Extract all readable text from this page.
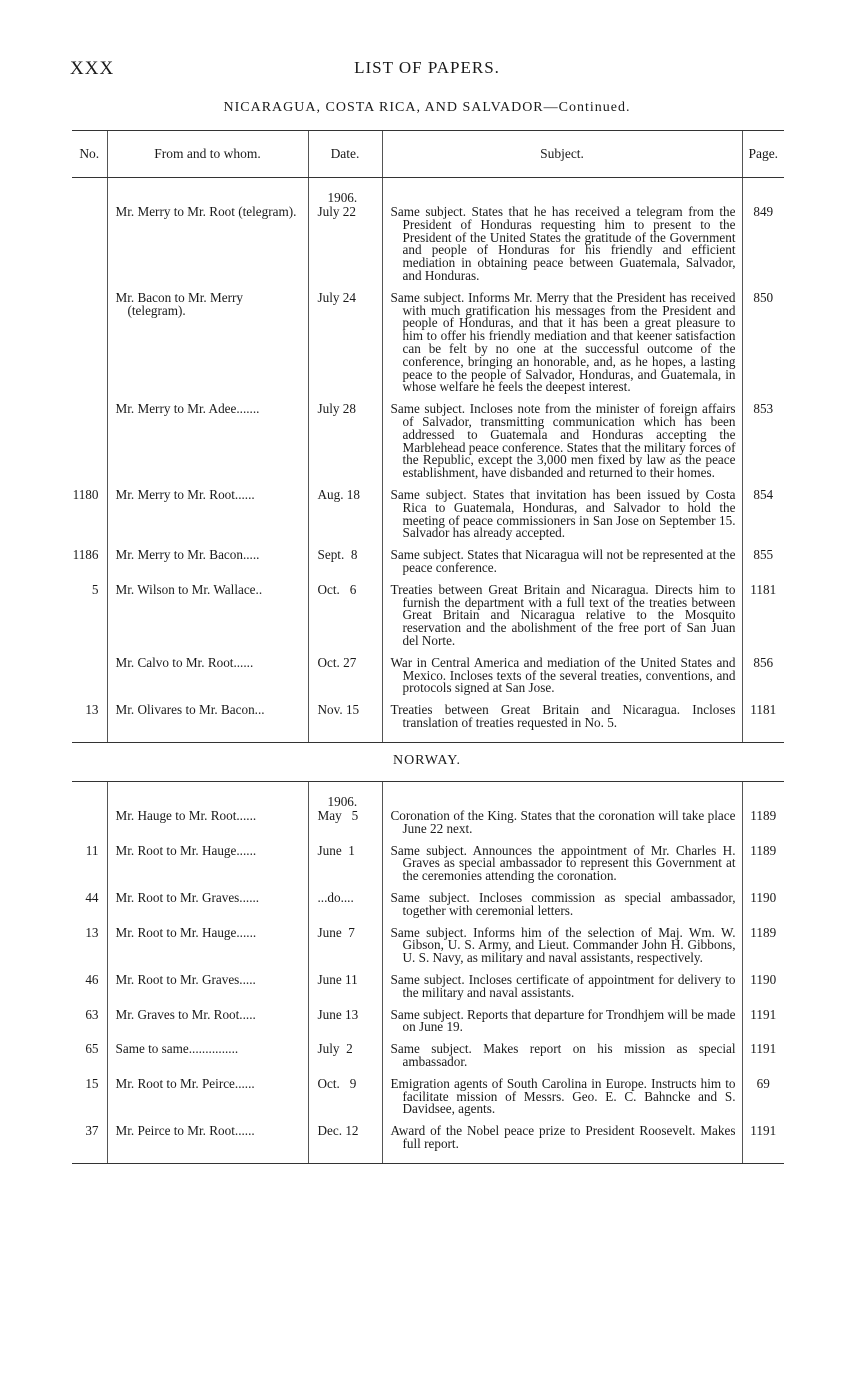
XXX	LIST OF PAPERS.
NICARAGUA, COSTA RICA, AND SALVADOR—Continued.
No.	From and to whom.	Date.	Subject.	Page.

		1906.		

	Mr. Merry to Mr. Root (telegram).	July 22	Same subject. States that he has received a telegram from the President of Honduras requesting him to present to the President of the United States the gratitude of the Government and people of Honduras for his friendly and efficient mediation in obtaining peace between Guatemala, Salvador, and Honduras.	849

	Mr. Bacon to Mr. Merry (telegram).	July 24	Same subject. Informs Mr. Merry that the President has received with much gratification his messages from the President and people of Honduras, and that it has been a great pleasure to him to offer his friendly mediation and that keener satisfaction can be felt by no one at the successful outcome of the conference, bringing an honorable, and, as he hopes, a lasting peace to the people of Salvador, Honduras, and Guatemala, in whose welfare he feels the deepest interest.	850

	Mr. Merry to Mr. Adee.......	July 28	Same subject. Incloses note from the minister of foreign affairs of Salvador, transmitting communication which has been addressed to Guatemala and Honduras accepting the Marblehead peace conference. States that the military forces of the Republic, except the 3,000 men fixed by law as the peace establishment, have disbanded and returned to their homes.	853

1180	Mr. Merry to Mr. Root......	Aug. 18	Same subject. States that invitation has been issued by Costa Rica to Guatemala, Honduras, and Salvador to hold the meeting of peace commissioners in San Jose on September 15. Salvador has already accepted.	854

1186	Mr. Merry to Mr. Bacon.....	Sept.  8	Same subject. States that Nicaragua will not be represented at the peace conference.	855

5	Mr. Wilson to Mr. Wallace..	Oct.   6	Treaties between Great Britain and Nicaragua. Directs him to furnish the department with a full text of the treaties between Great Britain and Nicaragua relative to the Mosquito reservation and the abolishment of the free port of San Juan del Norte.	1181

	Mr. Calvo to Mr. Root......	Oct. 27	War in Central America and mediation of the United States and Mexico. Incloses texts of the several treaties, conventions, and protocols signed at San Jose.	856

13	Mr. Olivares to Mr. Bacon...	Nov. 15	Treaties between Great Britain and Nicaragua. Incloses translation of treaties requested in No. 5.	1181

NORWAY.

		1906.		

	Mr. Hauge to Mr. Root......	May   5	Coronation of the King. States that the coronation will take place June 22 next.	1189

11	Mr. Root to Mr. Hauge......	June  1	Same subject. Announces the appointment of Mr. Charles H. Graves as special ambassador to represent this Government at the ceremonies attending the coronation.	1189

44	Mr. Root to Mr. Graves......	...do....	Same subject. Incloses commission as special ambassador, together with ceremonial letters.	1190

13	Mr. Root to Mr. Hauge......	June  7	Same subject. Informs him of the selection of Maj. Wm. W. Gibson, U. S. Army, and Lieut. Commander John H. Gibbons, U. S. Navy, as military and naval assistants, respectively.	1189

46	Mr. Root to Mr. Graves.....	June 11	Same subject. Incloses certificate of appointment for delivery to the military and naval assistants.	1190

63	Mr. Graves to Mr. Root.....	June 13	Same subject. Reports that departure for Trondhjem will be made on June 19.	1191

65	Same to same...............	July  2	Same subject. Makes report on his mission as special ambassador.	1191

15	Mr. Root to Mr. Peirce......	Oct.   9	Emigration agents of South Carolina in Europe. Instructs him to facilitate mission of Messrs. Geo. E. C. Bahncke and S. Davidsee, agents.	69

37	Mr. Peirce to Mr. Root......	Dec. 12	Award of the Nobel peace prize to President Roosevelt. Makes full report.	1191
